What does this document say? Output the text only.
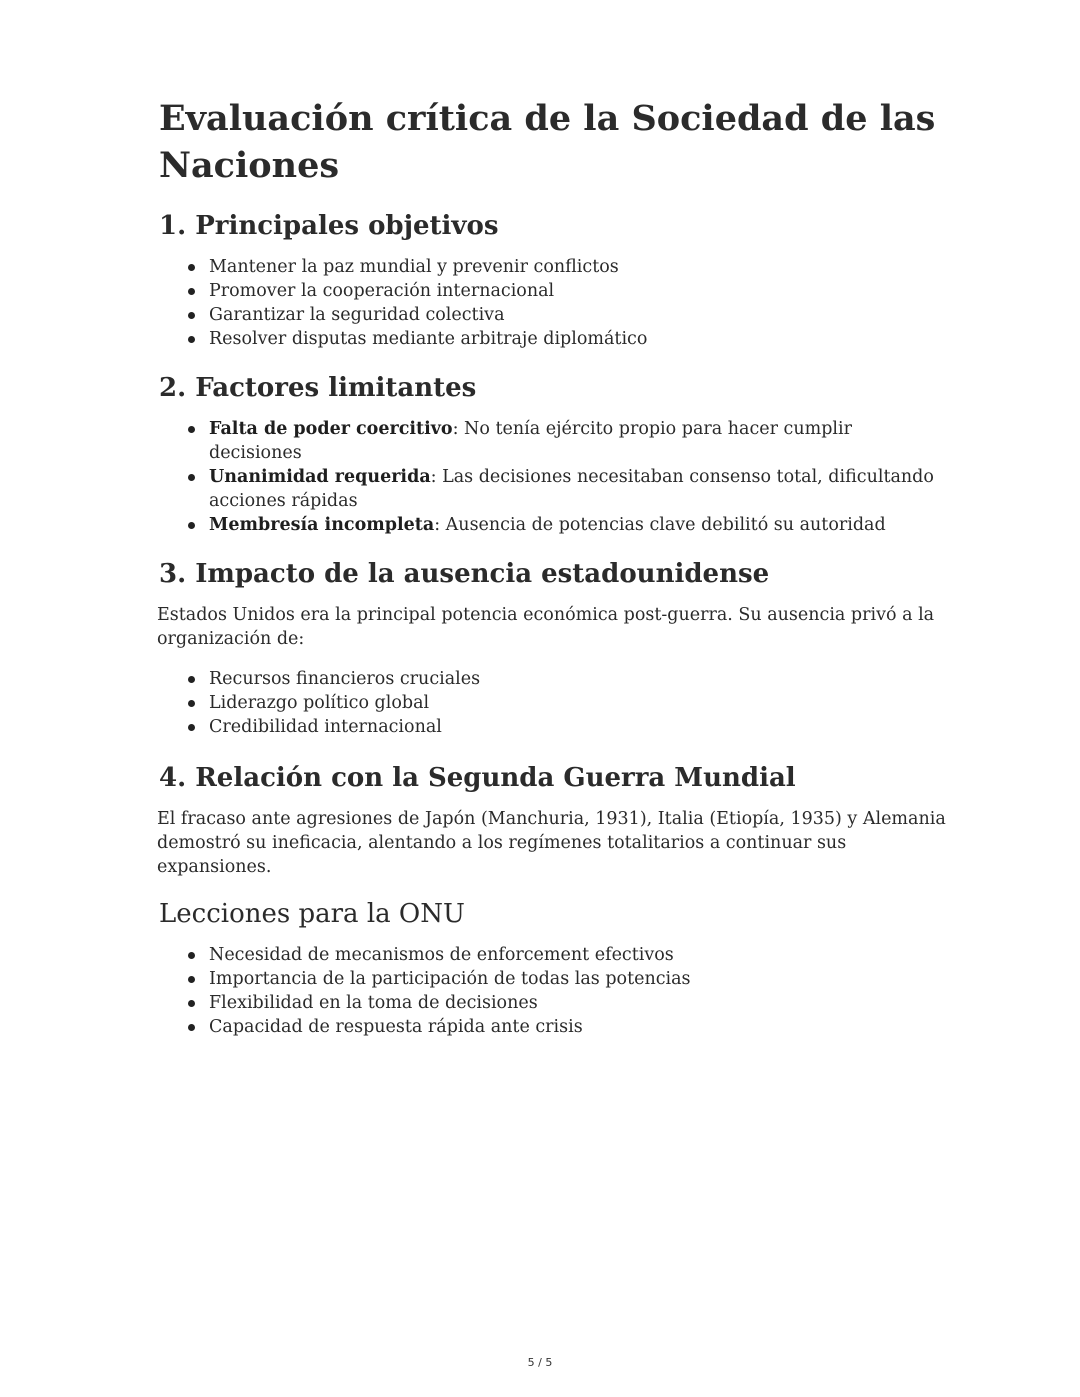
Evaluación crítica de la Sociedad de las Naciones
1. Principales objetivos
Mantener la paz mundial y prevenir conflictos
Promover la cooperación internacional
Garantizar la seguridad colectiva
Resolver disputas mediante arbitraje diplomático
2. Factores limitantes
Falta de poder coercitivo: No tenía ejército propio para hacer cumplir decisiones
Unanimidad requerida: Las decisiones necesitaban consenso total, dificultando acciones rápidas
Membresía incompleta: Ausencia de potencias clave debilitó su autoridad
3. Impacto de la ausencia estadounidense

Estados Unidos era la principal potencia económica post-guerra. Su ausencia privó a la organización de:

Recursos financieros cruciales
Liderazgo político global
Credibilidad internacional
4. Relación con la Segunda Guerra Mundial

El fracaso ante agresiones de Japón (Manchuria, 1931), Italia (Etiopía, 1935) y Alemania demostró su ineficacia, alentando a los regímenes totalitarios a continuar sus expansiones.

Lecciones para la ONU
Necesidad de mecanismos de enforcement efectivos
Importancia de la participación de todas las potencias
Flexibilidad en la toma de decisiones
Capacidad de respuesta rápida ante crisis
5 / 5
